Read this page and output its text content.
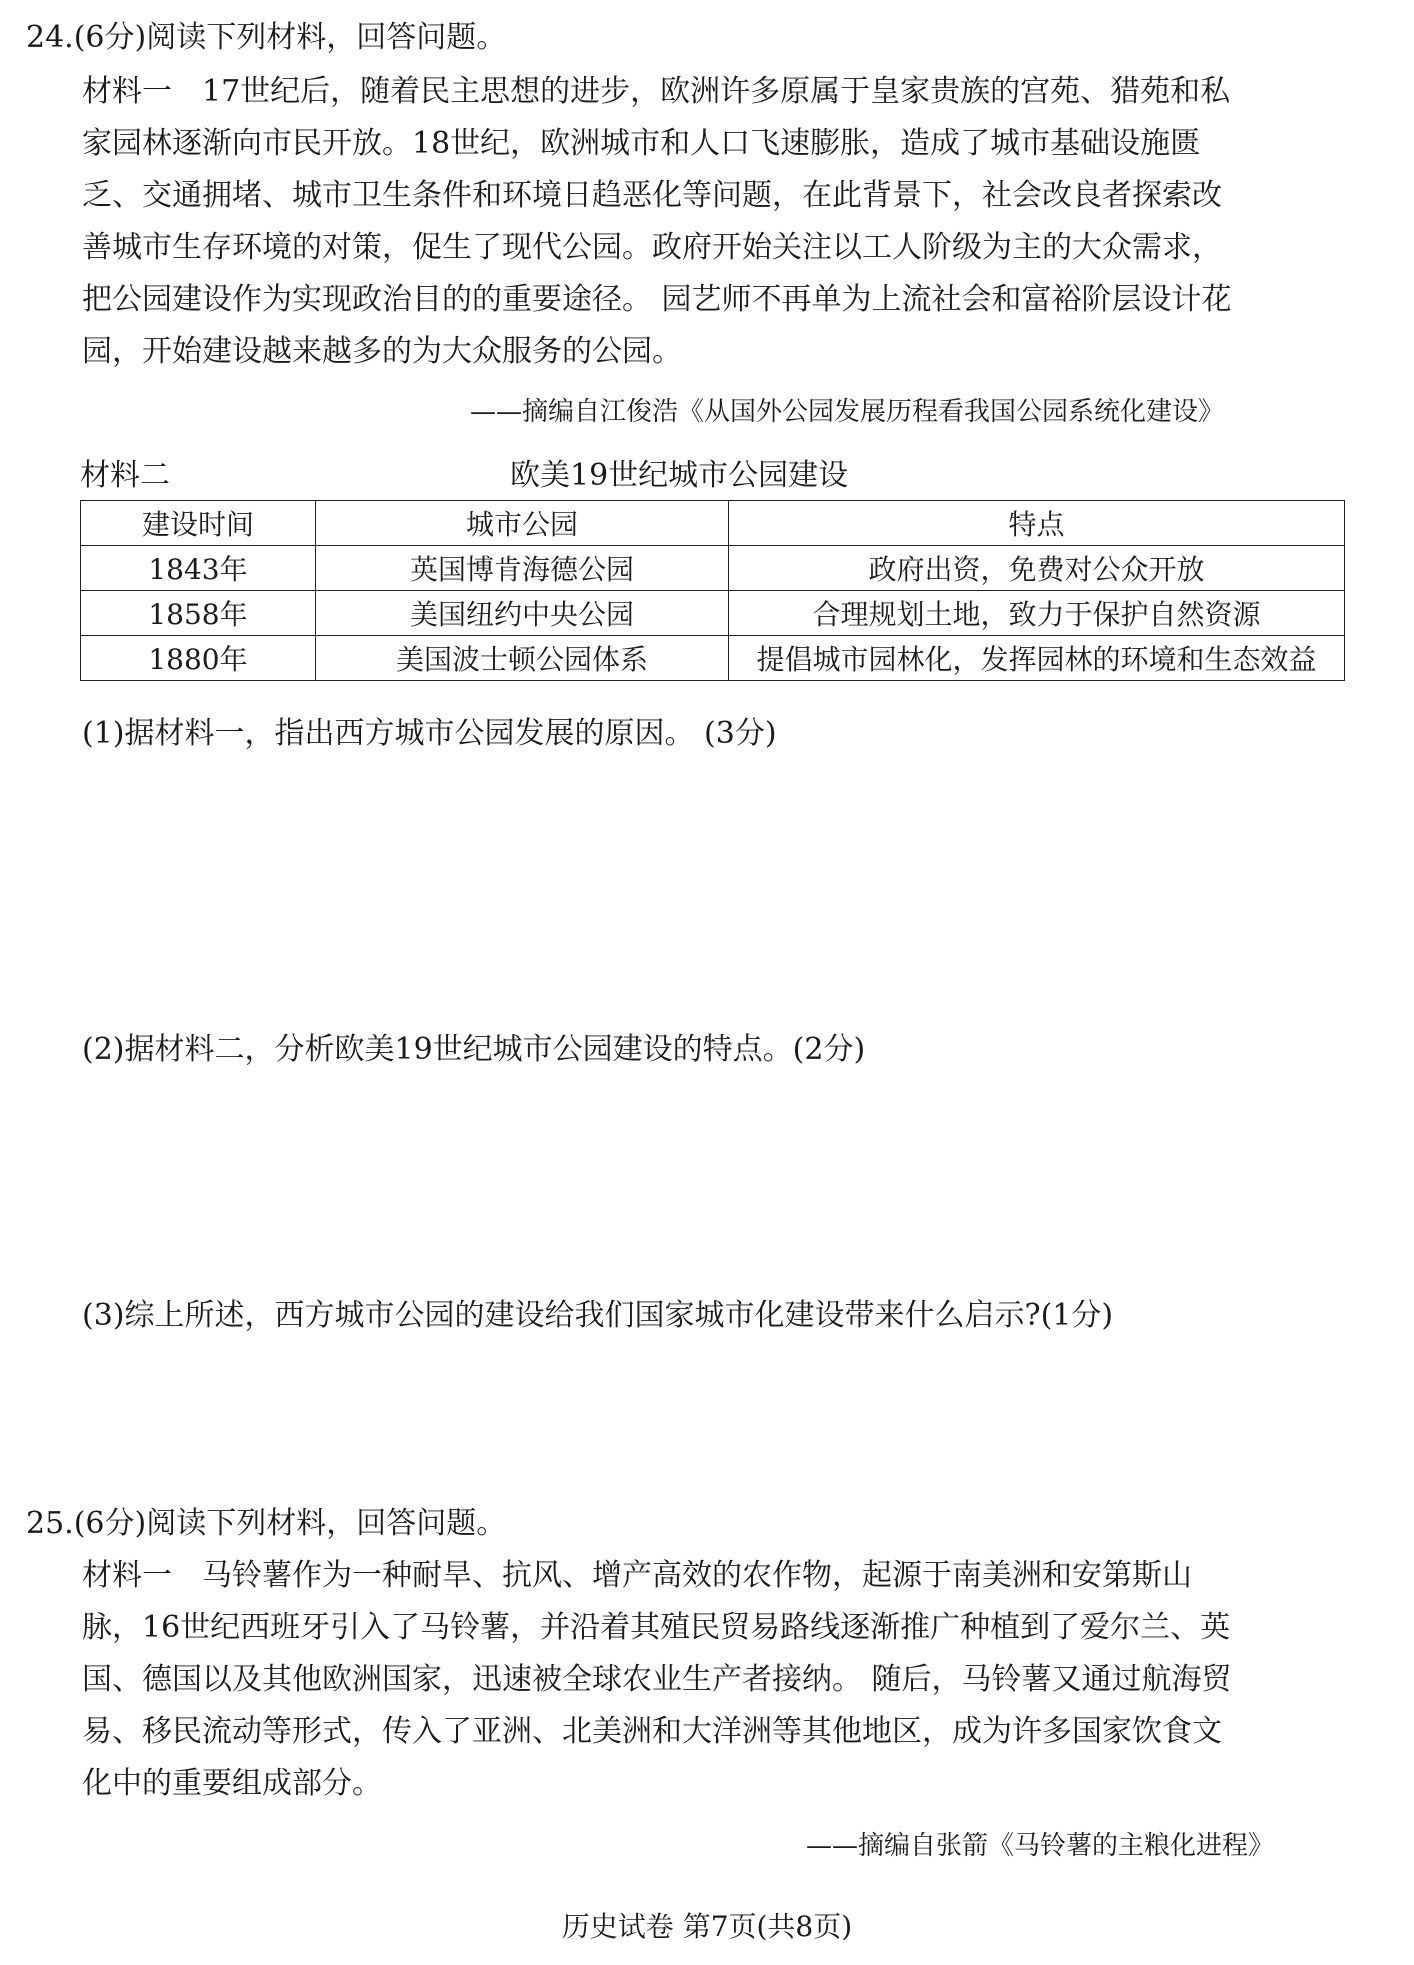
24.(6分)阅读下列材料，回答问题。
材料一　17世纪后，随着民主思想的进步，欧洲许多原属于皇家贵族的宫苑、猎苑和私
家园林逐渐向市民开放。18世纪，欧洲城市和人口飞速膨胀，造成了城市基础设施匮
乏、交通拥堵、城市卫生条件和环境日趋恶化等问题，在此背景下，社会改良者探索改
善城市生存环境的对策，促生了现代公园。政府开始关注以工人阶级为主的大众需求，
把公园建设作为实现政治目的的重要途径。 园艺师不再单为上流社会和富裕阶层设计花
园，开始建设越来越多的为大众服务的公园。
——摘编自江俊浩《从国外公园发展历程看我国公园系统化建设》
材料二	欧美19世纪城市公园建设
建设时间	城市公园	特点
1843年	英国博肯海德公园	政府出资，免费对公众开放
1858年	美国纽约中央公园	合理规划土地，致力于保护自然资源
1880年	美国波士顿公园体系	提倡城市园林化，发挥园林的环境和生态效益
(1)据材料一，指出西方城市公园发展的原因。 (3分)
(2)据材料二，分析欧美19世纪城市公园建设的特点。(2分)
(3)综上所述，西方城市公园的建设给我们国家城市化建设带来什么启示?(1分)
25.(6分)阅读下列材料，回答问题。
材料一　马铃薯作为一种耐旱、抗风、增产高效的农作物，起源于南美洲和安第斯山
脉，16世纪西班牙引入了马铃薯，并沿着其殖民贸易路线逐渐推广种植到了爱尔兰、英
国、德国以及其他欧洲国家，迅速被全球农业生产者接纳。 随后，马铃薯又通过航海贸
易、移民流动等形式，传入了亚洲、北美洲和大洋洲等其他地区，成为许多国家饮食文
化中的重要组成部分。
——摘编自张箭《马铃薯的主粮化进程》
历史试卷 第7页(共8页)
